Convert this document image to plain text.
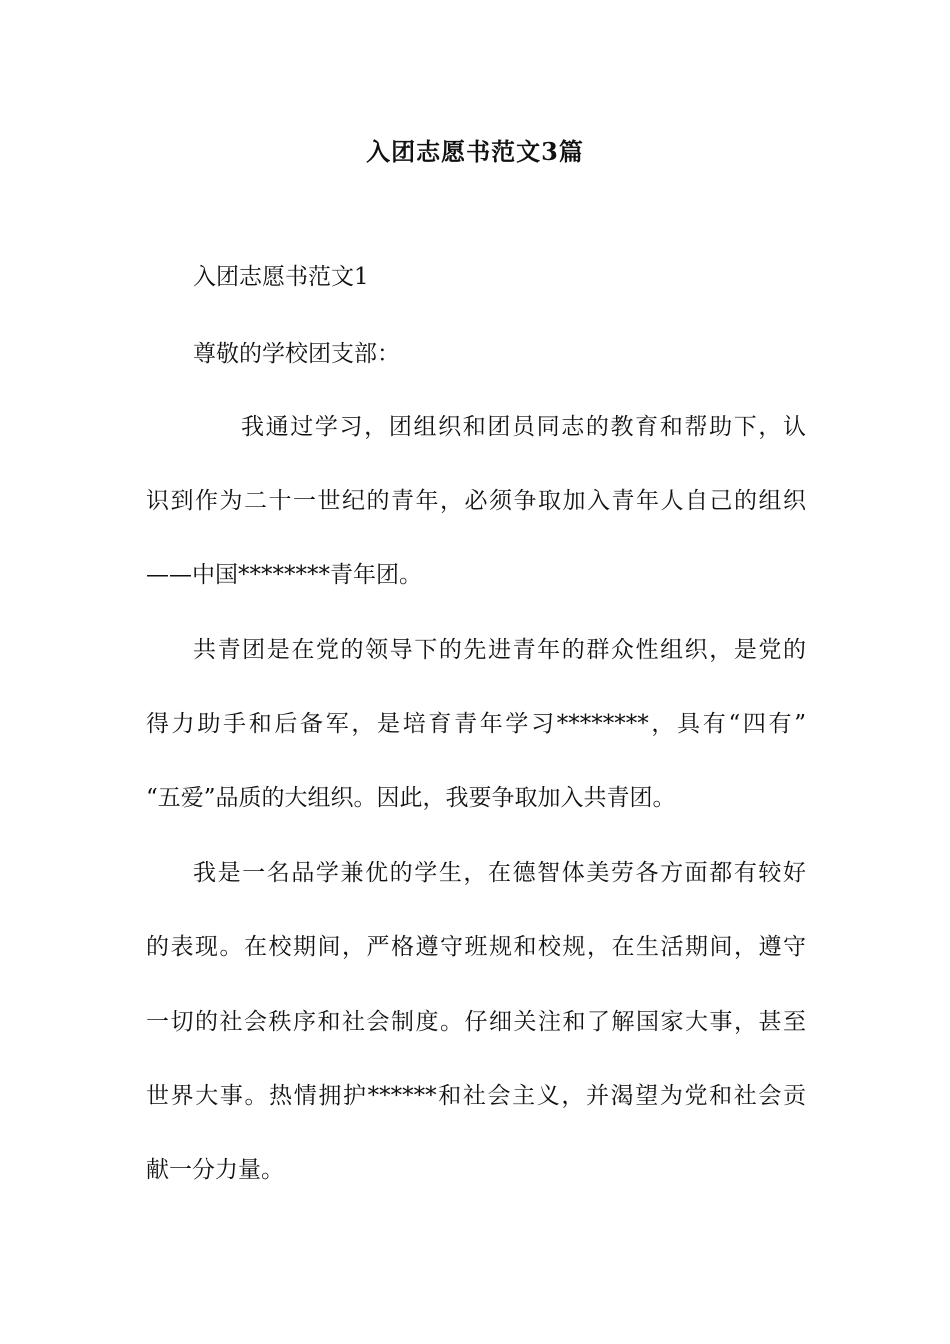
入团志愿书范文3篇

入团志愿书范文1

尊敬的学校团支部：

我通过学习，团组织和团员同志的教育和帮助下，认

识到作为二十一世纪的青年，必须争取加入青年人自己的组织

——中国********青年团。

共青团是在党的领导下的先进青年的群众性组织，是党的

得力助手和后备军，是培育青年学习********，具有“四有”

“五爱”品质的大组织。因此，我要争取加入共青团。

我是一名品学兼优的学生，在德智体美劳各方面都有较好

的表现。在校期间，严格遵守班规和校规，在生活期间，遵守

一切的社会秩序和社会制度。仔细关注和了解国家大事，甚至

世界大事。热情拥护******和社会主义，并渴望为党和社会贡

献一分力量。
